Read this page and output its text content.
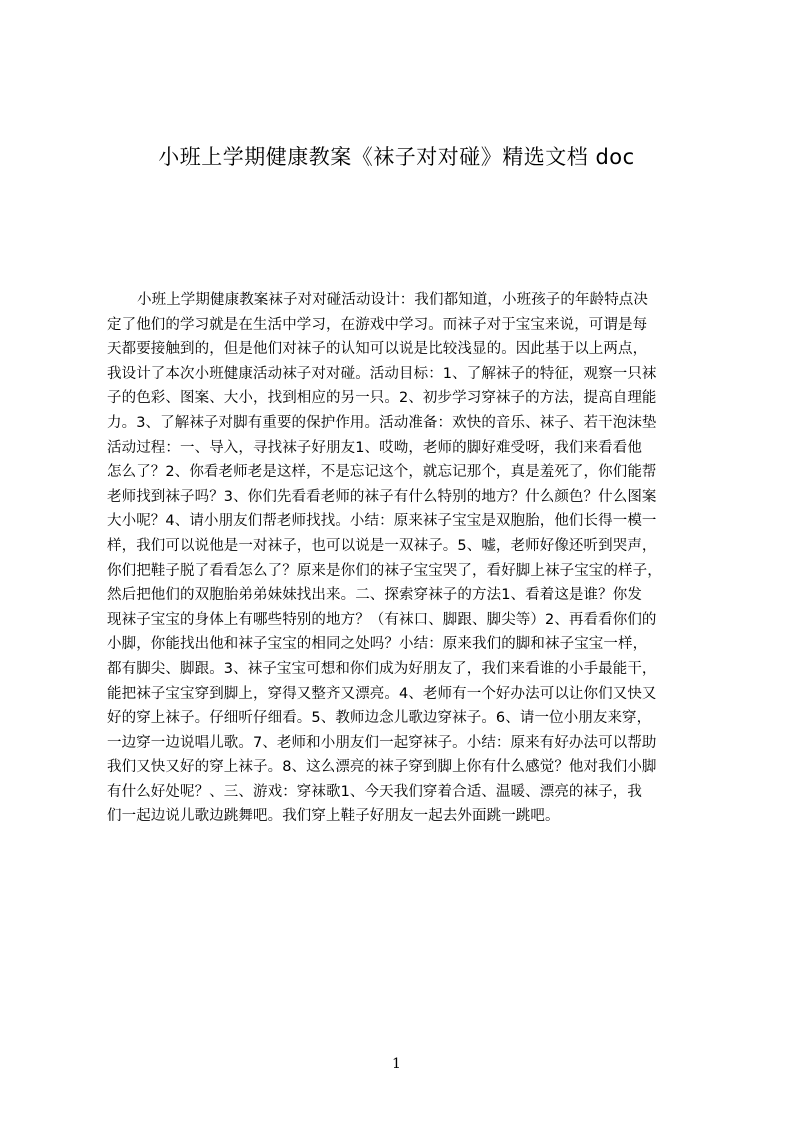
小班上学期健康教案《袜子对对碰》精选文档 doc
小班上学期健康教案袜子对对碰活动设计：我们都知道，小班孩子的年龄特点决
定了他们的学习就是在生活中学习，在游戏中学习。而袜子对于宝宝来说，可谓是每
天都要接触到的，但是他们对袜子的认知可以说是比较浅显的。因此基于以上两点，
我设计了本次小班健康活动袜子对对碰。活动目标：1、了解袜子的特征，观察一只袜
子的色彩、图案、大小，找到相应的另一只。2、初步学习穿袜子的方法，提高自理能
力。3、了解袜子对脚有重要的保护作用。活动准备：欢快的音乐、袜子、若干泡沫垫
活动过程：一、导入，寻找袜子好朋友1、哎呦，老师的脚好难受呀，我们来看看他
怎么了？2、你看老师老是这样，不是忘记这个，就忘记那个，真是羞死了，你们能帮
老师找到袜子吗？3、你们先看看老师的袜子有什么特别的地方？什么颜色？什么图案
大小呢？4、请小朋友们帮老师找找。小结：原来袜子宝宝是双胞胎，他们长得一模一
样，我们可以说他是一对袜子，也可以说是一双袜子。5、嘘，老师好像还听到哭声，
你们把鞋子脱了看看怎么了？原来是你们的袜子宝宝哭了，看好脚上袜子宝宝的样子，
然后把他们的双胞胎弟弟妹妹找出来。二、探索穿袜子的方法1、看着这是谁？你发
现袜子宝宝的身体上有哪些特别的地方？（有袜口、脚跟、脚尖等）2、再看看你们的
小脚，你能找出他和袜子宝宝的相同之处吗？小结：原来我们的脚和袜子宝宝一样，
都有脚尖、脚跟。3、袜子宝宝可想和你们成为好朋友了，我们来看谁的小手最能干，
能把袜子宝宝穿到脚上，穿得又整齐又漂亮。4、老师有一个好办法可以让你们又快又
好的穿上袜子。仔细听仔细看。5、教师边念儿歌边穿袜子。6、请一位小朋友来穿，
一边穿一边说唱儿歌。7、老师和小朋友们一起穿袜子。小结：原来有好办法可以帮助
我们又快又好的穿上袜子。8、这么漂亮的袜子穿到脚上你有什么感觉？他对我们小脚
有什么好处呢？、三、游戏：穿袜歌1、今天我们穿着合适、温暖、漂亮的袜子，我
们一起边说儿歌边跳舞吧。我们穿上鞋子好朋友一起去外面跳一跳吧。
1
